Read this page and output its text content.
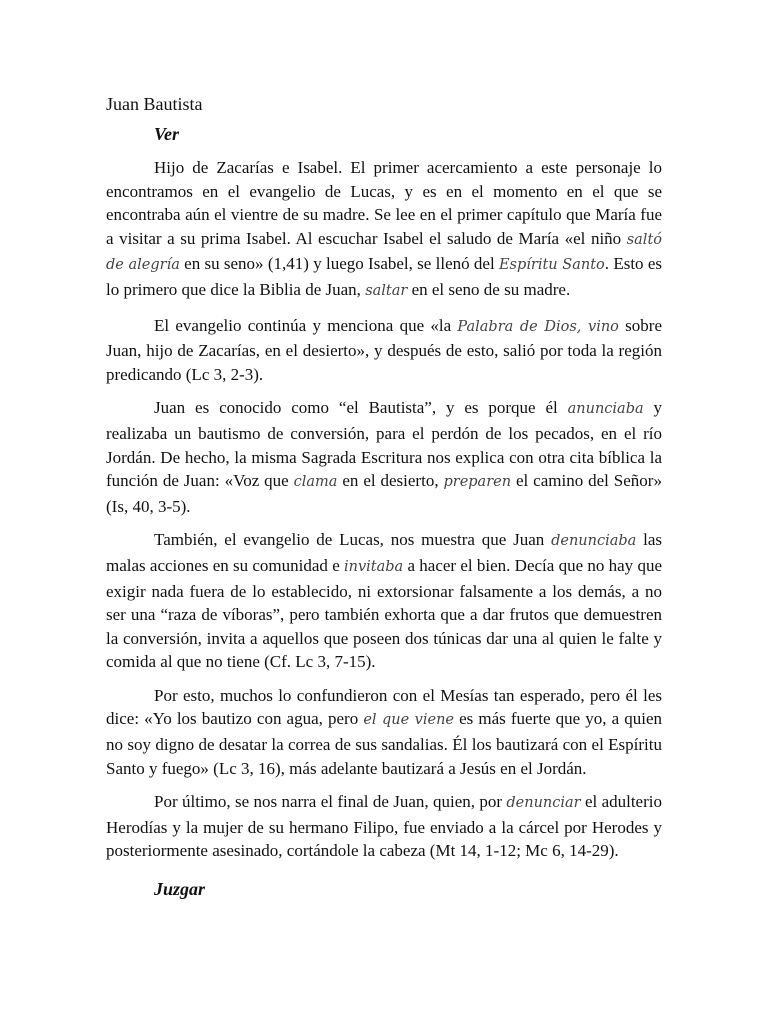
Juan Bautista
Ver

Hijo de Zacarías e Isabel. El primer acercamiento a este personaje lo encontramos en el evangelio de Lucas, y es en el momento en el que se encontraba aún el vientre de su madre. Se lee en el primer capítulo que María fue a visitar a su prima Isabel. Al escuchar Isabel el saludo de María «el niño saltó de alegría en su seno» (1,41) y luego Isabel, se llenó del Espíritu Santo. Esto es lo primero que dice la Biblia de Juan, saltar en el seno de su madre.

El evangelio continúa y menciona que «la Palabra de Dios, vino sobre Juan, hijo de Zacarías, en el desierto», y después de esto, salió por toda la región predicando (Lc 3, 2-3).

Juan es conocido como “el Bautista”, y es porque él anunciaba y realizaba un bautismo de conversión, para el perdón de los pecados, en el río Jordán. De hecho, la misma Sagrada Escritura nos explica con otra cita bíblica la función de Juan: «Voz que clama en el desierto, preparen el camino del Señor» (Is, 40, 3-5).

También, el evangelio de Lucas, nos muestra que Juan denunciaba las malas acciones en su comunidad e invitaba a hacer el bien. Decía que no hay que exigir nada fuera de lo establecido, ni extorsionar falsamente a los demás, a no ser una “raza de víboras”, pero también exhorta que a dar frutos que demuestren la conversión, invita a aquellos que poseen dos túnicas dar una al quien le falte y comida al que no tiene (Cf. Lc 3, 7-15).

Por esto, muchos lo confundieron con el Mesías tan esperado, pero él les dice: «Yo los bautizo con agua, pero el que viene es más fuerte que yo, a quien no soy digno de desatar la correa de sus sandalias. Él los bautizará con el Espíritu Santo y fuego» (Lc 3, 16), más adelante bautizará a Jesús en el Jordán.

Por último, se nos narra el final de Juan, quien, por denunciar el adulterio Herodías y la mujer de su hermano Filipo, fue enviado a la cárcel por Herodes y posteriormente asesinado, cortándole la cabeza (Mt 14, 1-12; Mc 6, 14-29).

Juzgar
